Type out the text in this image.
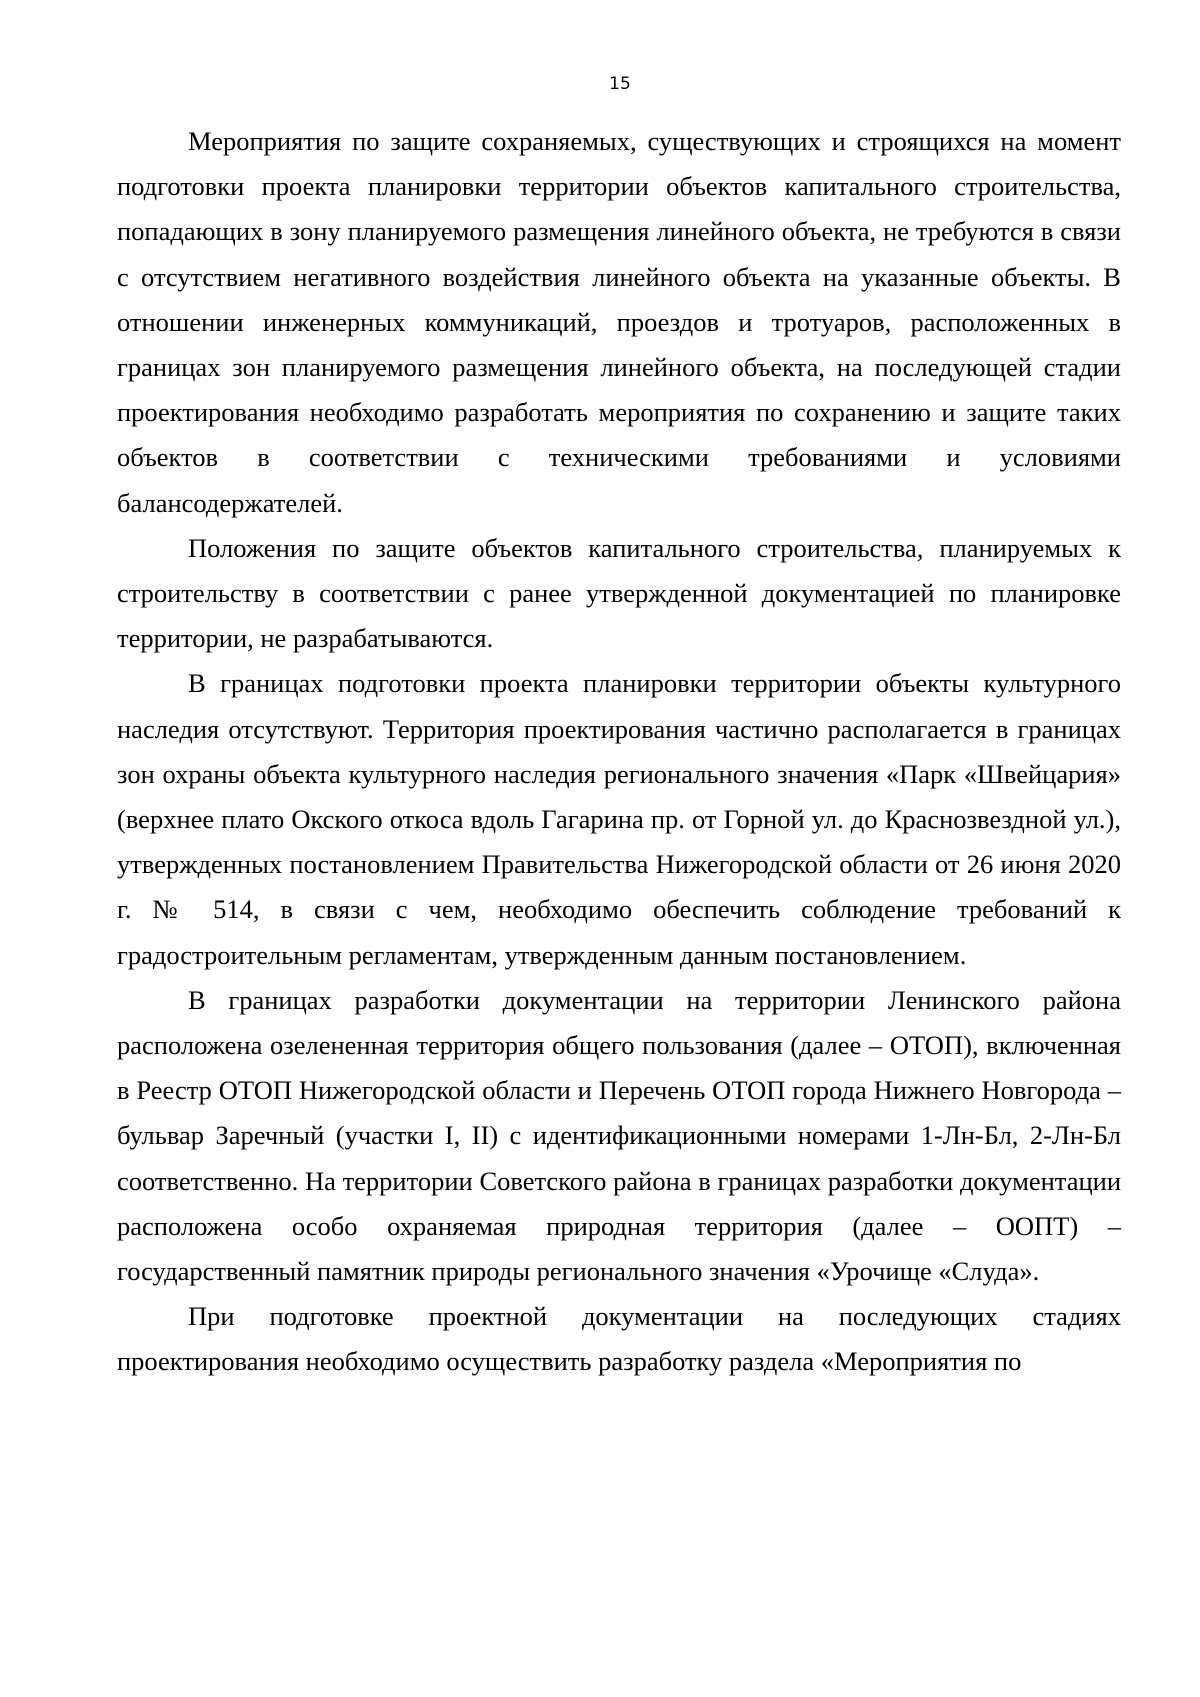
15

Мероприятия по защите сохраняемых, существующих и строящихся на момент подготовки проекта планировки территории объектов капитального строительства, попадающих в зону планируемого размещения линейного объекта, не требуются в связи с отсутствием негативного воздействия линейного объекта на указанные объекты. В отношении инженерных коммуникаций, проездов и тротуаров, расположенных в границах зон планируемого размещения линейного объекта, на последующей стадии проектирования необходимо разработать мероприятия по сохранению и защите таких объектов в соответствии с техническими требованиями и условиями балансодержателей.

Положения по защите объектов капитального строительства, планируемых к строительству в соответствии с ранее утвержденной документацией по планировке территории, не разрабатываются.

В границах подготовки проекта планировки территории объекты культурного наследия отсутствуют. Территория проектирования частично располагается в границах зон охраны объекта культурного наследия регионального значения «Парк «Швейцария» (верхнее плато Окского откоса вдоль Гагарина пр. от Горной ул. до Краснозвездной ул.), утвержденных постановлением Правительства Нижегородской области от 26 июня 2020 г. № 514, в связи с чем, необходимо обеспечить соблюдение требований к градостроительным регламентам, утвержденным данным постановлением.

В границах разработки документации на территории Ленинского района расположена озелененная территория общего пользования (далее – ОТОП), включенная в Реестр ОТОП Нижегородской области и Перечень ОТОП города Нижнего Новгорода –бульвар Заречный (участки I, II) с идентификационными номерами 1-Лн-Бл, 2-Лн-Бл соответственно. На территории Советского района в границах разработки документации расположена особо охраняемая природная территория (далее – ООПТ) – государственный памятник природы регионального значения «Урочище «Слуда».

При подготовке проектной документации на последующих стадиях проектирования необходимо осуществить разработку раздела «Мероприятия по
